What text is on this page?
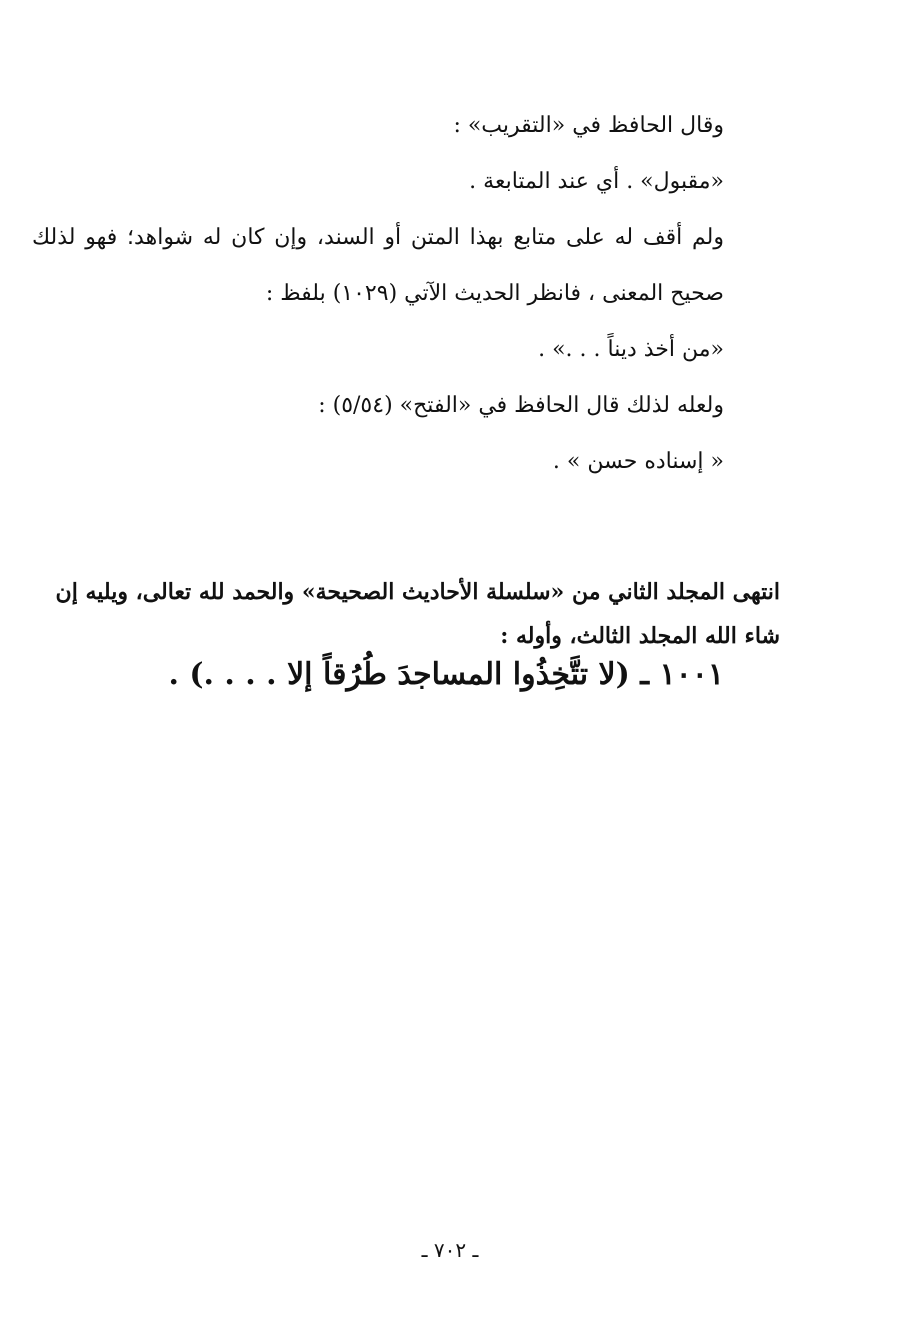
وقال الحافظ في «التقريب» :

«مقبول» . أي عند المتابعة .

ولم أقف له على متابع بهذا المتن أو السند، وإن كان له شواهد؛ فهو لذلك صحيح المعنى ، فانظر الحديث الآتي (١٠٢٩) بلفظ :

«من أخذ ديناً . . .» .

ولعله لذلك قال الحافظ في «الفتح» (٥/٥٤) :

« إسناده حسن » .

انتهى المجلد الثاني من «سلسلة الأحاديث الصحيحة» والحمد لله تعالى، ويليه إن شاء الله المجلد الثالث، وأوله :

١٠٠١ ـ (لا تتَّخِذُوا المساجدَ طُرُقاً إلا . . . .) .

ـ ٧٠٢ ـ
